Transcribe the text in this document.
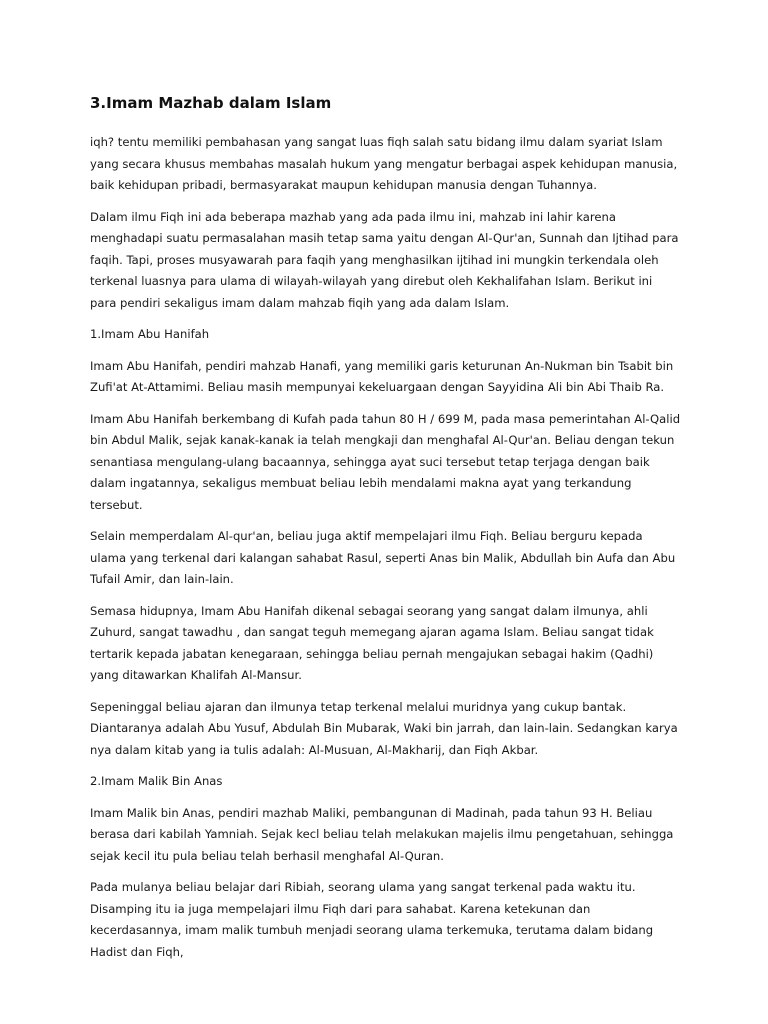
3.Imam Mazhab dalam Islam

iqh? tentu memiliki pembahasan yang sangat luas fiqh salah satu bidang ilmu dalam syariat Islam yang secara khusus membahas masalah hukum yang mengatur berbagai aspek kehidupan manusia, baik kehidupan pribadi, bermasyarakat maupun kehidupan manusia dengan Tuhannya.

Dalam ilmu Fiqh ini ada beberapa mazhab yang ada pada ilmu ini, mahzab ini lahir karena menghadapi suatu permasalahan masih tetap sama yaitu dengan Al-Qur'an, Sunnah dan Ijtihad para faqih. Tapi, proses musyawarah para faqih yang menghasilkan ijtihad ini mungkin terkendala oleh terkenal luasnya para ulama di wilayah-wilayah yang direbut oleh Kekhalifahan Islam. Berikut ini para pendiri sekaligus imam dalam mahzab fiqih yang ada dalam Islam.

1.Imam Abu Hanifah

Imam Abu Hanifah, pendiri mahzab Hanafi, yang memiliki garis keturunan An-Nukman bin Tsabit bin Zufi'at At-Attamimi. Beliau masih mempunyai kekeluargaan dengan Sayyidina Ali bin Abi Thaib Ra.

Imam Abu Hanifah berkembang di Kufah pada tahun 80 H / 699 M, pada masa pemerintahan Al-Qalid bin Abdul Malik, sejak kanak-kanak ia telah mengkaji dan menghafal Al-Qur'an. Beliau dengan tekun senantiasa mengulang-ulang bacaannya, sehingga ayat suci tersebut tetap terjaga dengan baik dalam ingatannya, sekaligus membuat beliau lebih mendalami makna ayat yang terkandung tersebut.

Selain memperdalam Al-qur'an, beliau juga aktif mempelajari ilmu Fiqh. Beliau berguru kepada ulama yang terkenal dari kalangan sahabat Rasul, seperti Anas bin Malik, Abdullah bin Aufa dan Abu Tufail Amir, dan lain-lain.

Semasa hidupnya, Imam Abu Hanifah dikenal sebagai seorang yang sangat dalam ilmunya, ahli Zuhurd, sangat tawadhu , dan sangat teguh memegang ajaran agama Islam. Beliau sangat tidak tertarik kepada jabatan kenegaraan, sehingga beliau pernah mengajukan sebagai hakim (Qadhi) yang ditawarkan Khalifah Al-Mansur.

Sepeninggal beliau ajaran dan ilmunya tetap terkenal melalui muridnya yang cukup bantak. Diantaranya adalah Abu Yusuf, Abdulah Bin Mubarak, Waki bin jarrah, dan lain-lain. Sedangkan karya nya dalam kitab yang ia tulis adalah: Al-Musuan, Al-Makharij, dan Fiqh Akbar.

2.Imam Malik Bin Anas

Imam Malik bin Anas, pendiri mazhab Maliki, pembangunan di Madinah, pada tahun 93 H. Beliau berasa dari kabilah Yamniah. Sejak kecl beliau telah melakukan majelis ilmu pengetahuan, sehingga sejak kecil itu pula beliau telah berhasil menghafal Al-Quran.

Pada mulanya beliau belajar dari Ribiah, seorang ulama yang sangat terkenal pada waktu itu. Disamping itu ia juga mempelajari ilmu Fiqh dari para sahabat. Karena ketekunan dan kecerdasannya, imam malik tumbuh menjadi seorang ulama terkemuka, terutama dalam bidang Hadist dan Fiqh,
